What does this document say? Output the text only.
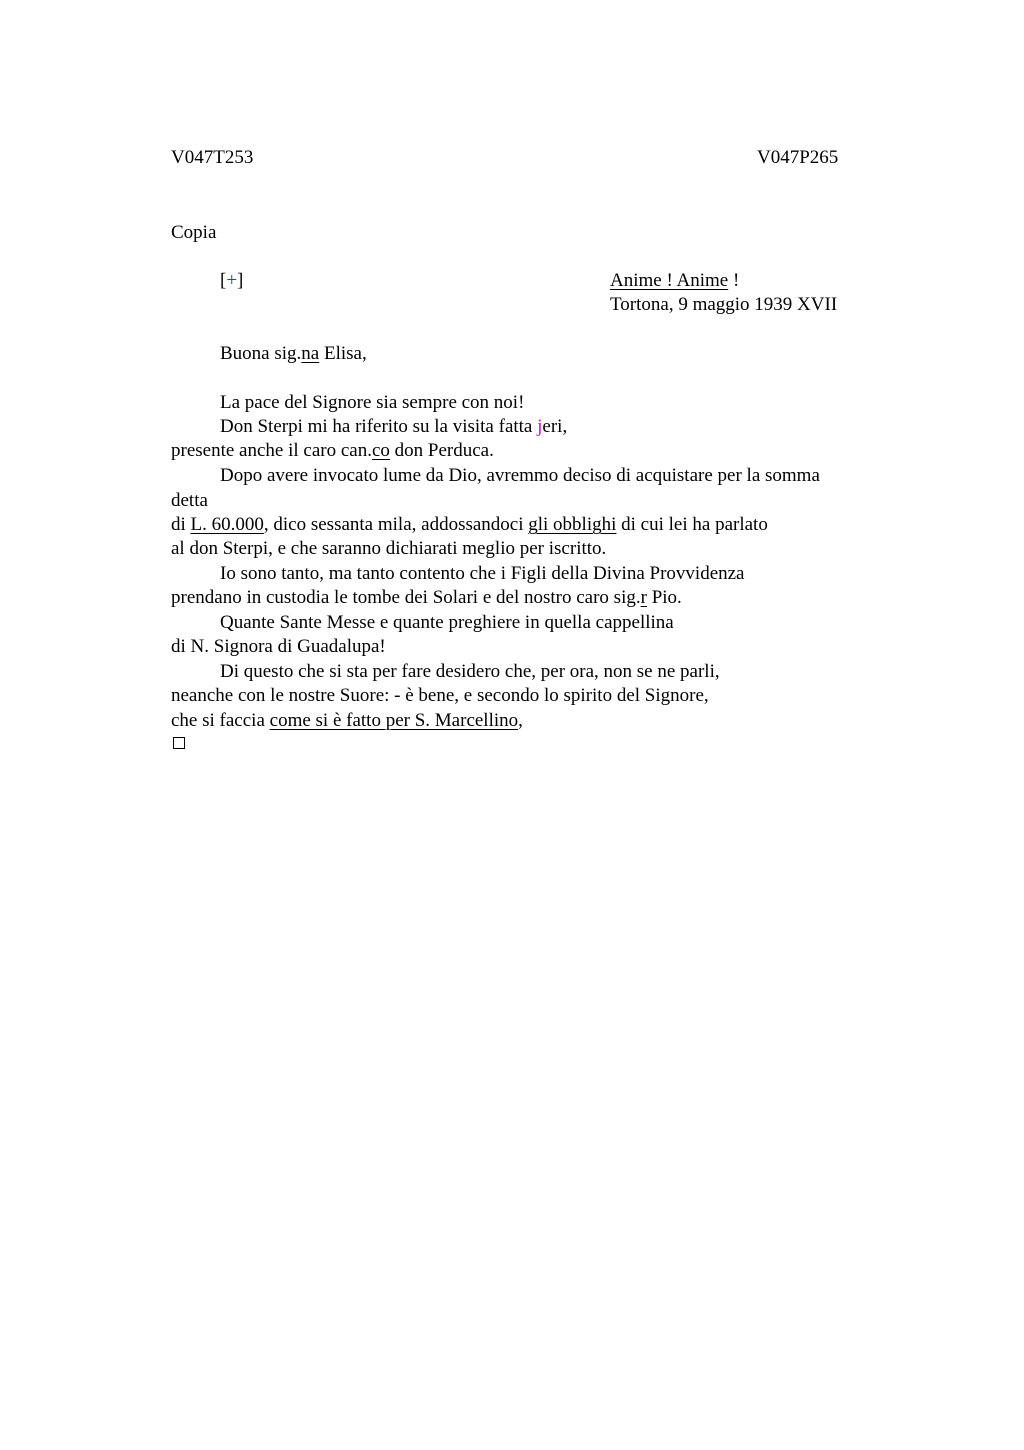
V047T253	V047P265
Copia
[+]	Anime ! Anime !
Tortona, 9 maggio 1939 XVII
Buona sig.na Elisa,
La pace del Signore sia sempre con noi!
Don Sterpi mi ha riferito su la visita fatta jeri,
presente anche il caro can.co don Perduca.
Dopo avere invocato lume da Dio, avremmo deciso di acquistare per la somma
detta
di L. 60.000, dico sessanta mila, addossandoci gli obblighi di cui lei ha parlato
al don Sterpi, e che saranno dichiarati meglio per iscritto.
Io sono tanto, ma tanto contento che i Figli della Divina Provvidenza
prendano in custodia le tombe dei Solari e del nostro caro sig.r Pio.
Quante Sante Messe e quante preghiere in quella cappellina
di N. Signora di Guadalupa!
Di questo che si sta per fare desidero che, per ora, non se ne parli,
neanche con le nostre Suore: - è bene, e secondo lo spirito del Signore,
che si faccia come si è fatto per S. Marcellino,
